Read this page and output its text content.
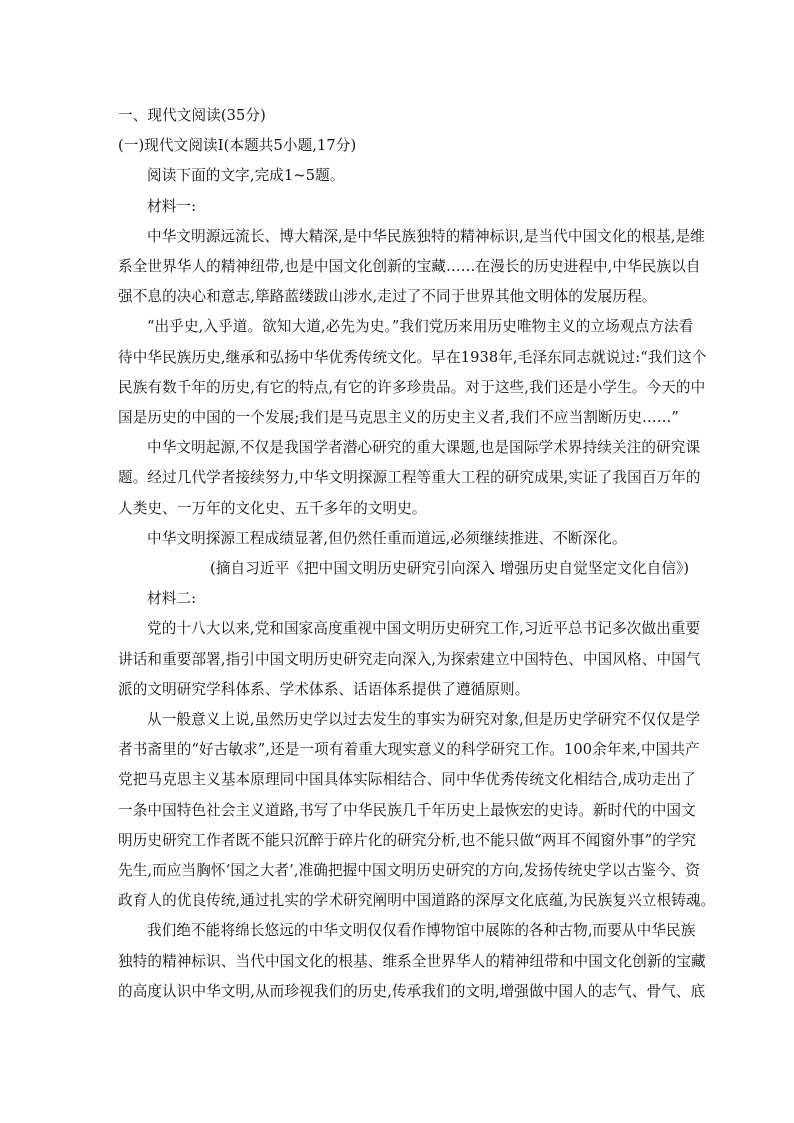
一、现代文阅读(35分)

(一)现代文阅读Ⅰ(本题共5小题,17分)

阅读下面的文字,完成1~5题。

材料一:

中华文明源远流长、博大精深,是中华民族独特的精神标识,是当代中国文化的根基,是维

系全世界华人的精神纽带,也是中国文化创新的宝藏……在漫长的历史进程中,中华民族以自

强不息的决心和意志,筚路蓝缕跋山涉水,走过了不同于世界其他文明体的发展历程。

“出乎史,入乎道。欲知大道,必先为史。”我们党历来用历史唯物主义的立场观点方法看

待中华民族历史,继承和弘扬中华优秀传统文化。早在1938年,毛泽东同志就说过:“我们这个

民族有数千年的历史,有它的特点,有它的许多珍贵品。对于这些,我们还是小学生。今天的中

国是历史的中国的一个发展;我们是马克思主义的历史主义者,我们不应当割断历史……”

中华文明起源,不仅是我国学者潜心研究的重大课题,也是国际学术界持续关注的研究课

题。经过几代学者接续努力,中华文明探源工程等重大工程的研究成果,实证了我国百万年的

人类史、一万年的文化史、五千多年的文明史。

中华文明探源工程成绩显著,但仍然任重而道远,必须继续推进、不断深化。

(摘自习近平《把中国文明历史研究引向深入 增强历史自觉坚定文化自信》)

材料二:

党的十八大以来,党和国家高度重视中国文明历史研究工作,习近平总书记多次做出重要

讲话和重要部署,指引中国文明历史研究走向深入,为探索建立中国特色、中国风格、中国气

派的文明研究学科体系、学术体系、话语体系提供了遵循原则。

从一般意义上说,虽然历史学以过去发生的事实为研究对象,但是历史学研究不仅仅是学

者书斋里的“好古敏求”,还是一项有着重大现实意义的科学研究工作。100余年来,中国共产

党把马克思主义基本原理同中国具体实际相结合、同中华优秀传统文化相结合,成功走出了

一条中国特色社会主义道路,书写了中华民族几千年历史上最恢宏的史诗。新时代的中国文

明历史研究工作者既不能只沉醉于碎片化的研究分析,也不能只做“两耳不闻窗外事”的学究

先生,而应当胸怀‘国之大者’,准确把握中国文明历史研究的方向,发扬传统史学以古鉴今、资

政育人的优良传统,通过扎实的学术研究阐明中国道路的深厚文化底蕴,为民族复兴立根铸魂。

我们绝不能将绵长悠远的中华文明仅仅看作博物馆中展陈的各种古物,而要从中华民族

独特的精神标识、当代中国文化的根基、维系全世界华人的精神纽带和中国文化创新的宝藏

的高度认识中华文明,从而珍视我们的历史,传承我们的文明,增强做中国人的志气、骨气、底
